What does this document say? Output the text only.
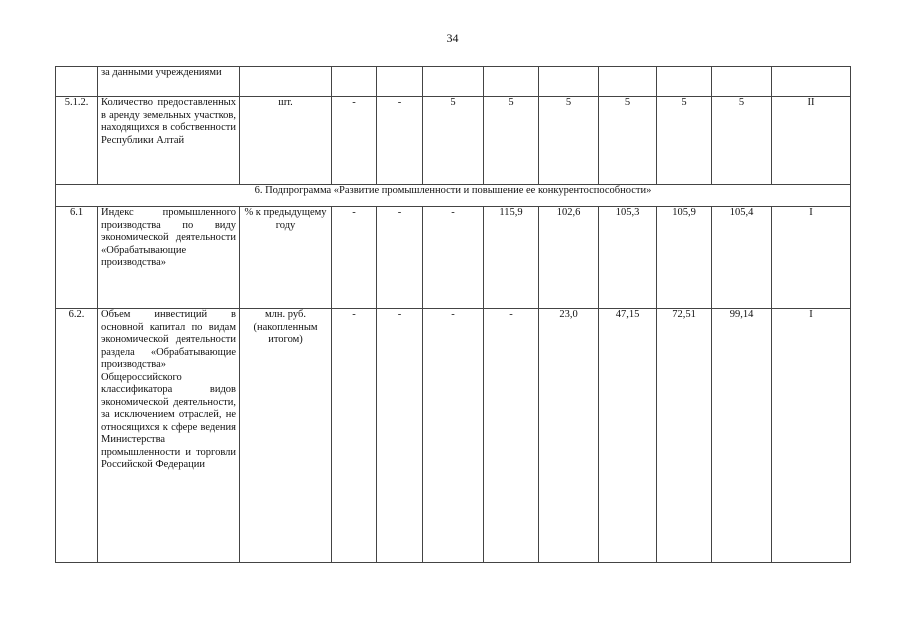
34
	за данными учреждениями										
5.1.2.	Количество предоставленных в аренду земельных участков, находящихся в собственности Республики Алтай	шт.	-	-	5	5	5	5	5	5	II
6. Подпрограмма «Развитие промышленности и повышение ее конкурентоспособности»											
6.1	Индекс промышленного производства по виду экономической деятельности «Обрабатывающие производства»	% к предыдущему году	-	-	-	115,9	102,6	105,3	105,9	105,4	I
6.2.	Объем инвестиций в основной капитал по видам экономической деятельности раздела «Обрабатывающие производства» Общероссийского классификатора видов экономической деятельности, за исключением отраслей, не относящихся к сфере ведения Министерства промышленности и торговли Российской Федерации	млн. руб. (накопленным итогом)	-	-	-	-	23,0	47,15	72,51	99,14	I
